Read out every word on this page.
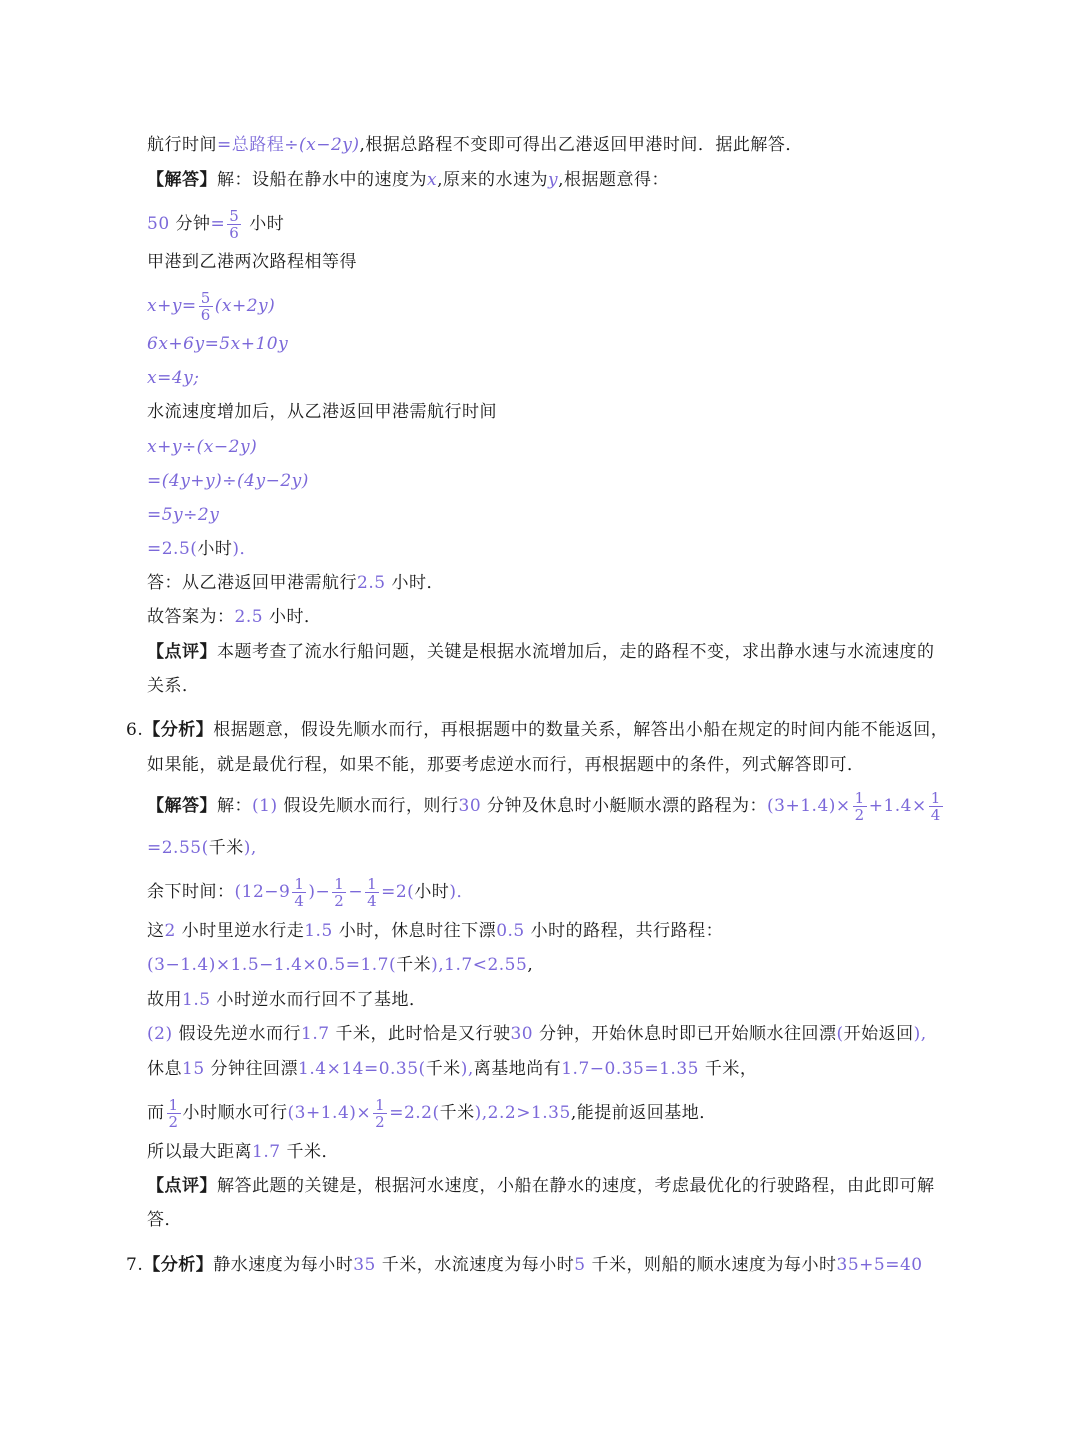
航行时间=总路程÷(x−2y),根据总路程不变即可得出乙港返回甲港时间．据此解答．
【解答】解：设船在静水中的速度为x,原来的水速为y,根据题意得：
50 分钟= $\frac{5}{6}$ 小时
甲港到乙港两次路程相等得
$x+y= \frac{5}{6} (x+2y)$
6x+6y=5x+10y
x=4y;
水流速度增加后，从乙港返回甲港需航行时间
x+y÷(x−2y)
=(4y+y)÷(4y−2y)
=5y÷2y
=2.5(小时)．
答：从乙港返回甲港需航行2.5 小时．
故答案为：2.5 小时．
【点评】本题考查了流水行船问题，关键是根据水流增加后，走的路程不变，求出静水速与水流速度的
关系．
6.【分析】根据题意，假设先顺水而行，再根据题中的数量关系，解答出小船在规定的时间内能不能返回，
如果能，就是最优行程，如果不能，那要考虑逆水而行，再根据题中的条件，列式解答即可．
【解答】解：(1) 假设先顺水而行，则行30 分钟及休息时小艇顺水漂的路程为：$(3+1.4)\times \frac{1}{2} +1.4\times \frac{1}{4}$
=2.55(千米),
余下时间：($12-9 \frac{1}{4}$ )− $\frac{1}{2} - \frac{1}{4} =2$(小时)．
这2 小时里逆水行走1.5 小时，休息时往下漂0.5 小时的路程，共行路程：
(3−1.4)×1.5−1.4×0.5=1.7(千米),1.7<2.55,
故用1.5 小时逆水而行回不了基地．
(2) 假设先逆水而行1.7 千米，此时恰是又行驶30 分钟，开始休息时即已开始顺水往回漂(开始返回),
休息15 分钟往回漂1.4×14=0.35(千米),离基地尚有1.7−0.35=1.35 千米，
而 $\frac{1}{2}$ 小时顺水可行$(3+1.4)\times \frac{1}{2} =2.2$(千米),2.2>1.35,能提前返回基地．
所以最大距离1.7 千米．
【点评】解答此题的关键是，根据河水速度，小船在静水的速度，考虑最优化的行驶路程，由此即可解
答．
7.【分析】静水速度为每小时35 千米，水流速度为每小时5 千米，则船的顺水速度为每小时35+5=40
